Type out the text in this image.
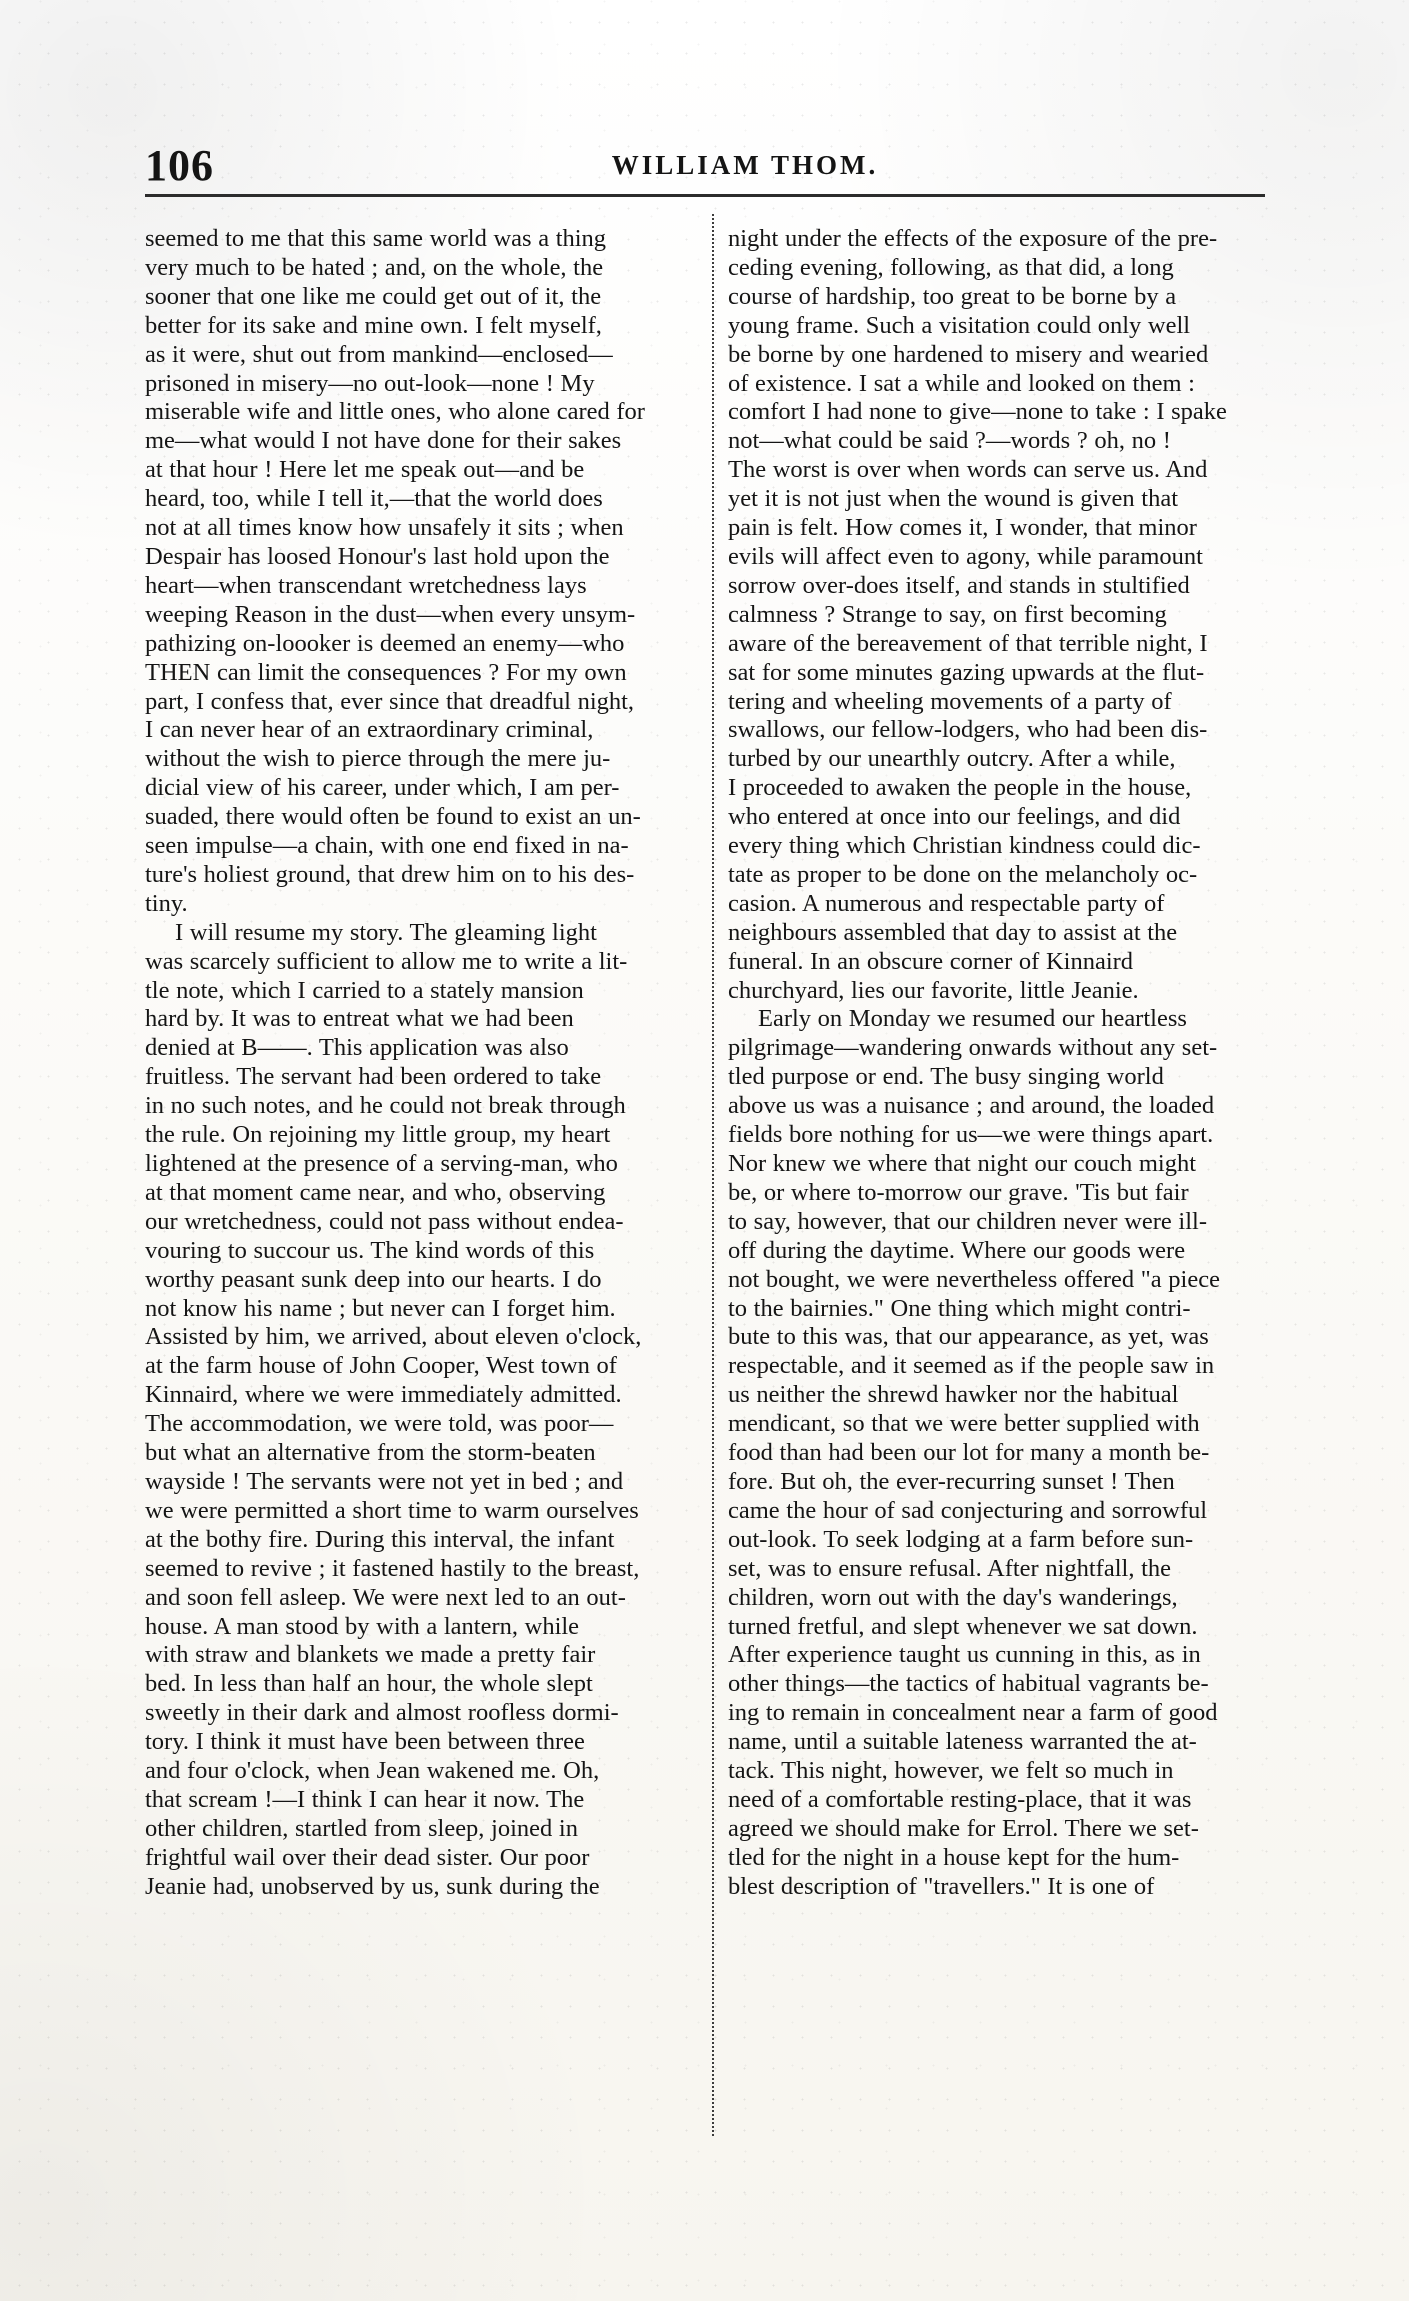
106	WILLIAM THOM.
seemed to me that this same world was a thing
very much to be hated ; and, on the whole, the
sooner that one like me could get out of it, the
better for its sake and mine own. I felt myself,
as it were, shut out from mankind—enclosed—
prisoned in misery—no out-look—none ! My
miserable wife and little ones, who alone cared for
me—what would I not have done for their sakes
at that hour ! Here let me speak out—and be
heard, too, while I tell it,—that the world does
not at all times know how unsafely it sits ; when
Despair has loosed Honour's last hold upon the
heart—when transcendant wretchedness lays
weeping Reason in the dust—when every unsym-
pathizing on-loooker is deemed an enemy—who
THEN can limit the consequences ? For my own
part, I confess that, ever since that dreadful night,
I can never hear of an extraordinary criminal,
without the wish to pierce through the mere ju-
dicial view of his career, under which, I am per-
suaded, there would often be found to exist an un-
seen impulse—a chain, with one end fixed in na-
ture's holiest ground, that drew him on to his des-
tiny.
I will resume my story. The gleaming light
was scarcely sufficient to allow me to write a lit-
tle note, which I carried to a stately mansion
hard by. It was to entreat what we had been
denied at B——. This application was also
fruitless. The servant had been ordered to take
in no such notes, and he could not break through
the rule. On rejoining my little group, my heart
lightened at the presence of a serving-man, who
at that moment came near, and who, observing
our wretchedness, could not pass without endea-
vouring to succour us. The kind words of this
worthy peasant sunk deep into our hearts. I do
not know his name ; but never can I forget him.
Assisted by him, we arrived, about eleven o'clock,
at the farm house of John Cooper, West town of
Kinnaird, where we were immediately admitted.
The accommodation, we were told, was poor—
but what an alternative from the storm-beaten
wayside ! The servants were not yet in bed ; and
we were permitted a short time to warm ourselves
at the bothy fire. During this interval, the infant
seemed to revive ; it fastened hastily to the breast,
and soon fell asleep. We were next led to an out-
house. A man stood by with a lantern, while
with straw and blankets we made a pretty fair
bed. In less than half an hour, the whole slept
sweetly in their dark and almost roofless dormi-
tory. I think it must have been between three
and four o'clock, when Jean wakened me. Oh,
that scream !—I think I can hear it now. The
other children, startled from sleep, joined in
frightful wail over their dead sister. Our poor
Jeanie had, unobserved by us, sunk during the
night under the effects of the exposure of the pre-
ceding evening, following, as that did, a long
course of hardship, too great to be borne by a
young frame. Such a visitation could only well
be borne by one hardened to misery and wearied
of existence. I sat a while and looked on them :
comfort I had none to give—none to take : I spake
not—what could be said ?—words ? oh, no !
The worst is over when words can serve us. And
yet it is not just when the wound is given that
pain is felt. How comes it, I wonder, that minor
evils will affect even to agony, while paramount
sorrow over-does itself, and stands in stultified
calmness ? Strange to say, on first becoming
aware of the bereavement of that terrible night, I
sat for some minutes gazing upwards at the flut-
tering and wheeling movements of a party of
swallows, our fellow-lodgers, who had been dis-
turbed by our unearthly outcry. After a while,
I proceeded to awaken the people in the house,
who entered at once into our feelings, and did
every thing which Christian kindness could dic-
tate as proper to be done on the melancholy oc-
casion. A numerous and respectable party of
neighbours assembled that day to assist at the
funeral. In an obscure corner of Kinnaird
churchyard, lies our favorite, little Jeanie.
Early on Monday we resumed our heartless
pilgrimage—wandering onwards without any set-
tled purpose or end. The busy singing world
above us was a nuisance ; and around, the loaded
fields bore nothing for us—we were things apart.
Nor knew we where that night our couch might
be, or where to-morrow our grave. 'Tis but fair
to say, however, that our children never were ill-
off during the daytime. Where our goods were
not bought, we were nevertheless offered "a piece
to the bairnies." One thing which might contri-
bute to this was, that our appearance, as yet, was
respectable, and it seemed as if the people saw in
us neither the shrewd hawker nor the habitual
mendicant, so that we were better supplied with
food than had been our lot for many a month be-
fore. But oh, the ever-recurring sunset ! Then
came the hour of sad conjecturing and sorrowful
out-look. To seek lodging at a farm before sun-
set, was to ensure refusal. After nightfall, the
children, worn out with the day's wanderings,
turned fretful, and slept whenever we sat down.
After experience taught us cunning in this, as in
other things—the tactics of habitual vagrants be-
ing to remain in concealment near a farm of good
name, until a suitable lateness warranted the at-
tack. This night, however, we felt so much in
need of a comfortable resting-place, that it was
agreed we should make for Errol. There we set-
tled for the night in a house kept for the hum-
blest description of "travellers." It is one of
